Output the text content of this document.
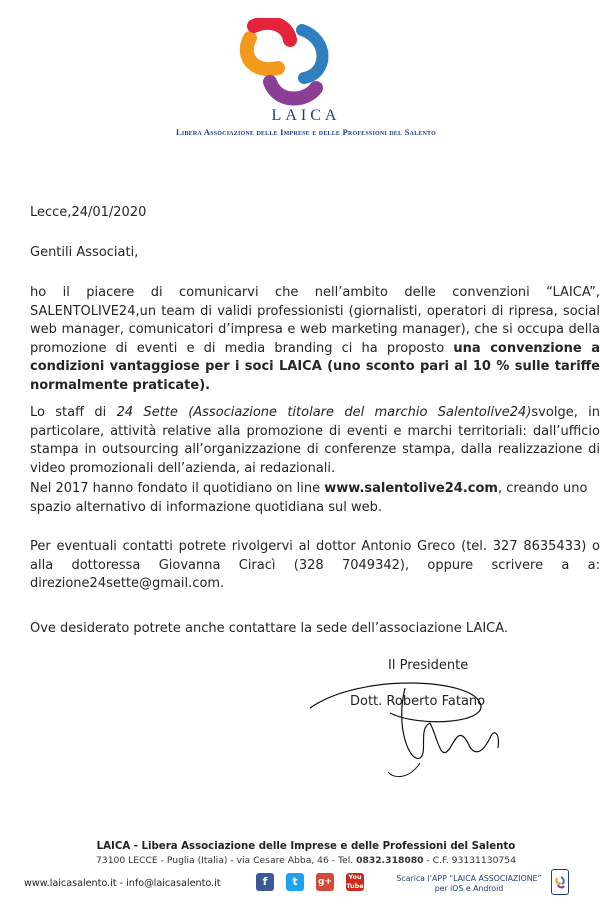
LAICA
Libera Associazione delle Imprese e delle Professioni del Salento
Lecce,24/01/2020
Gentili Associati,
ho il piacere di comunicarvi che nell’ambito delle convenzioni “LAICA”, SALENTOLIVE24,un team di validi professionisti (giornalisti, operatori di ripresa, social web manager, comunicatori d’impresa e web marketing manager), che si occupa della promozione di eventi e di media branding ci ha proposto una convenzione a condizioni vantaggiose per i soci LAICA (uno sconto pari al 10 % sulle tariffe normalmente praticate).
Lo staff di 24 Sette (Associazione titolare del marchio Salentolive24)svolge, in particolare, attività relative alla promozione di eventi e marchi territoriali: dall’ufficio stampa in outsourcing all’organizzazione di conferenze stampa, dalla realizzazione di video promozionali dell’azienda, ai redazionali.
Nel 2017 hanno fondato il quotidiano on line www.salentolive24.com, creando uno spazio alternativo di informazione quotidiana sul web.
Per eventuali contatti potrete rivolgervi al dottor Antonio Greco (tel. 327 8635433) o alla dottoressa Giovanna Ciracì (328 7049342), oppure scrivere a a: direzione24sette@gmail.com.
Ove desiderato potrete anche contattare la sede dell’associazione LAICA.
Il Presidente
Dott. Roberto Fatano
LAICA - Libera Associazione delle Imprese e delle Professioni del Salento
73100 LECCE - Puglia (Italia) - via Cesare Abba, 46 - Tel. 0832.318080 - C.F. 93131130754
www.laicasalento.it - info@laicasalento.it	f	t	g+	You Tube
Scarica l’APP “LAICA ASSOCIAZIONE”
per iOS e Android
